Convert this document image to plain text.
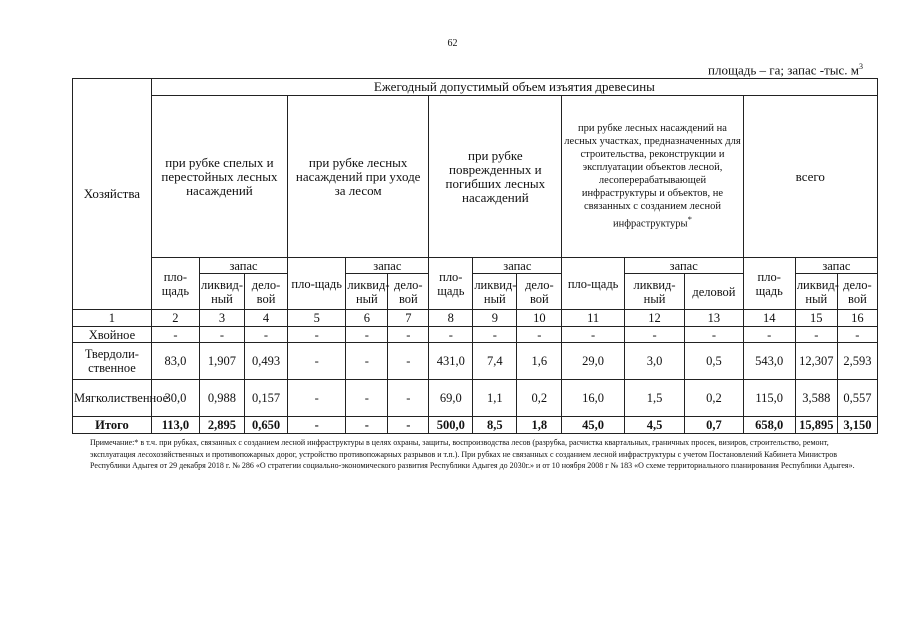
62
площадь – га; запас -тыс. $м^3$
Хозяйства	Ежегодный допустимый объем изъятия древесины														
	при рубке спелых и перестойных лесных насаждений			при рубке лесных насаждений при уходе за лесом			при рубке поврежденных и погибших лесных насаждений			при рубке лесных насаждений на лесных участках, предназначенных для строительства, реконструкции и эксплуатации объектов лесной, лесоперерабатывающей инфраструктуры и объектов, не связанных с созданием лесной инфраструктуры*			всего		
	пло-щадь	запас		пло-щадь	запас		пло-щадь	запас		пло-щадь	запас		пло-щадь	запас	
		ликвид-ный	дело-вой		ликвид-ный	дело-вой		ликвид-ный	дело-вой		ликвид-ный	деловой		ликвид-ный	дело-вой
1	2	3	4	5	6	7	8	9	10	11	12	13	14	15	16
Хвойное	-	-	-	-	-	-	-	-	-	-	-	-	-	-	-
Твердоли-ственное	83,0	1,907	0,493	-	-	-	431,0	7,4	1,6	29,0	3,0	0,5	543,0	12,307	2,593
Мягколиственное	30,0	0,988	0,157	-	-	-	69,0	1,1	0,2	16,0	1,5	0,2	115,0	3,588	0,557
Итого	113,0	2,895	0,650	-	-	-	500,0	8,5	1,8	45,0	4,5	0,7	658,0	15,895	3,150
Примечание:* в т.ч. при рубках, связанных с созданием лесной инфраструктуры в целях охраны, защиты, воспроизводства лесов (разрубка, расчистка квартальных, граничных просек, визиров, строительство, ремонт, эксплуатация лесохозяйственных и противопожарных дорог, устройство противопожарных разрывов и т.п.). При рубках не связанных с созданием лесной инфраструктуры с учетом Постановлений Кабинета Министров Республики Адыгея от 29 декабря 2018 г. № 286 «О стратегии социально-экономического развития Республики Адыгея до 2030г.» и от 10 ноября 2008 г № 183 «О схеме территориального планирования Республики Адыгея».
